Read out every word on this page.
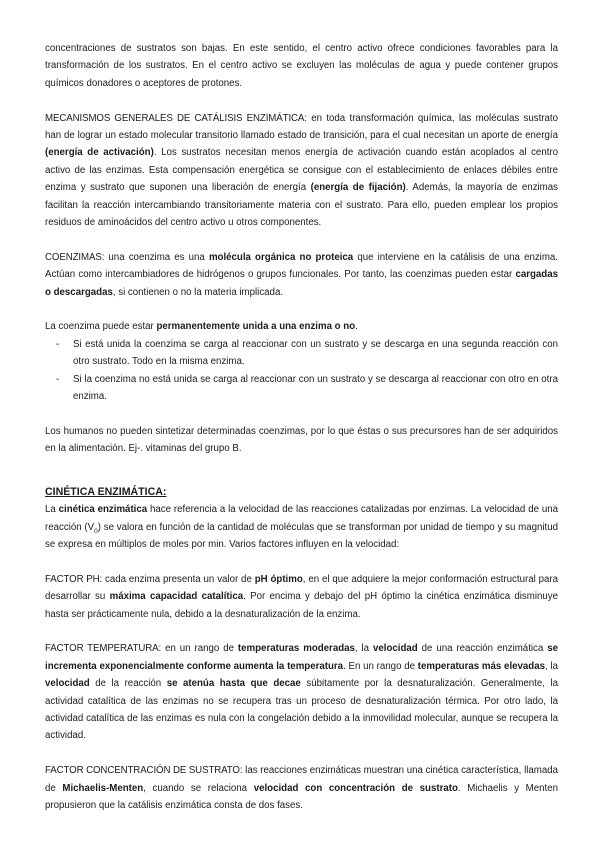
concentraciones de sustratos son bajas. En este sentido, el centro activo ofrece condiciones favorables para la transformación de los sustratos. En el centro activo se excluyen las moléculas de agua y puede contener grupos químicos donadores o aceptores de protones.

MECANISMOS GENERALES DE CATÁLISIS ENZIMÁTICA: en toda transformación química, las moléculas sustrato han de lograr un estado molecular transitorio llamado estado de transición, para el cual necesitan un aporte de energía (energía de activación). Los sustratos necesitan menos energía de activación cuando están acoplados al centro activo de las enzimas. Esta compensación energética se consigue con el establecimiento de enlaces débiles entre enzima y sustrato que suponen una liberación de energía (energía de fijación). Además, la mayoría de enzimas facilitan la reacción intercambiando transitoriamente materia con el sustrato. Para ello, pueden emplear los propios residuos de aminoácidos del centro activo u otros componentes.

COENZIMAS: una coenzima es una molécula orgánica no proteica que interviene en la catálisis de una enzima. Actúan como intercambiadores de hidrógenos o grupos funcionales. Por tanto, las coenzimas pueden estar cargadas o descargadas, si contienen o no la materia implicada.

La coenzima puede estar permanentemente unida a una enzima o no.

- Si está unida la coenzima se carga al reaccionar con un sustrato y se descarga en una segunda reacción con otro sustrato. Todo en la misma enzima.
- Si la coenzima no está unida se carga al reaccionar con un sustrato y se descarga al reaccionar con otro en otra enzima.

Los humanos no pueden sintetizar determinadas coenzimas, por lo que éstas o sus precursores han de ser adquiridos en la alimentación. Ej-. vitaminas del grupo B.

CINÉTICA ENZIMÁTICA:

La cinética enzimática hace referencia a la velocidad de las reacciones catalizadas por enzimas. La velocidad de una reacción $(V_0)$ se valora en función de la cantidad de moléculas que se transforman por unidad de tiempo y su magnitud se expresa en múltiplos de moles por min. Varios factores influyen en la velocidad:

FACTOR PH: cada enzima presenta un valor de pH óptimo, en el que adquiere la mejor conformación estructural para desarrollar su máxima capacidad catalítica. Por encima y debajo del pH óptimo la cinética enzimática disminuye hasta ser prácticamente nula, debido a la desnaturalización de la enzima.

FACTOR TEMPERATURA: en un rango de temperaturas moderadas, la velocidad de una reacción enzimática se incrementa exponencialmente conforme aumenta la temperatura. En un rango de temperaturas más elevadas, la velocidad de la reacción se atenúa hasta que decae súbitamente por la desnaturalización. Generalmente, la actividad catalítica de las enzimas no se recupera tras un proceso de desnaturalización térmica. Por otro lado, la actividad catalítica de las enzimas es nula con la congelación debido a la inmovilidad molecular, aunque se recupera la actividad.

FACTOR CONCENTRACIÓN DE SUSTRATO: las reacciones enzimáticas muestran una cinética característica, llamada de Michaelis-Menten, cuando se relaciona velocidad con concentración de sustrato. Michaelis y Menten propusieron que la catálisis enzimática consta de dos fases.
